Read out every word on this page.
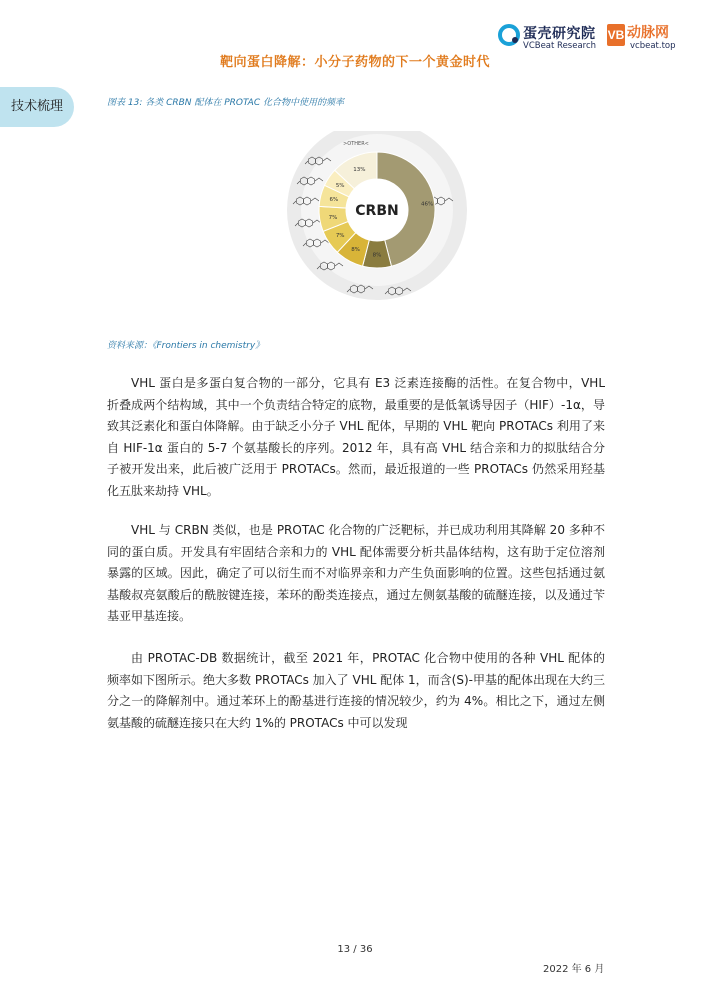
蛋壳研究院
VCBeat Research
VB 动脉网
vcbeat.top
靶向蛋白降解：小分子药物的下一个黄金时代
技术梳理	图表 13: 各类 CRBN 配体在 PROTAC 化合物中使用的频率
CRBN
>OTHER<
46%
8%
8%
7%
7%
6%
5%
13%
资料来源：《Frontiers in chemistry》
VHL 蛋白是多蛋白复合物的一部分，它具有 E3 泛素连接酶的活性。在复合物中，VHL 折叠成两个结构域，其中一个负责结合特定的底物，最重要的是低氧诱导因子（HIF）-1α，导致其泛素化和蛋白体降解。由于缺乏小分子 VHL 配体，早期的 VHL 靶向 PROTACs 利用了来自 HIF-1α 蛋白的 5-7 个氨基酸长的序列。2012 年，具有高 VHL 结合亲和力的拟肽结合分子被开发出来，此后被广泛用于 PROTACs。然而，最近报道的一些 PROTACs 仍然采用羟基化五肽来劫持 VHL。
VHL 与 CRBN 类似，也是 PROTAC 化合物的广泛靶标，并已成功利用其降解 20 多种不同的蛋白质。开发具有牢固结合亲和力的 VHL 配体需要分析共晶体结构，这有助于定位溶剂暴露的区域。因此，确定了可以衍生而不对临界亲和力产生负面影响的位置。这些包括通过氨基酸叔亮氨酸后的酰胺键连接，苯环的酚类连接点，通过左侧氨基酸的硫醚连接，以及通过苄基亚甲基连接。
由 PROTAC-DB 数据统计，截至 2021 年，PROTAC 化合物中使用的各种 VHL 配体的频率如下图所示。绝大多数 PROTACs 加入了 VHL 配体 1，而含(S)-甲基的配体出现在大约三分之一的降解剂中。通过苯环上的酚基进行连接的情况较少，约为 4%。相比之下，通过左侧氨基酸的硫醚连接只在大约 1%的 PROTACs 中可以发现
13 / 36
2022 年 6 月
